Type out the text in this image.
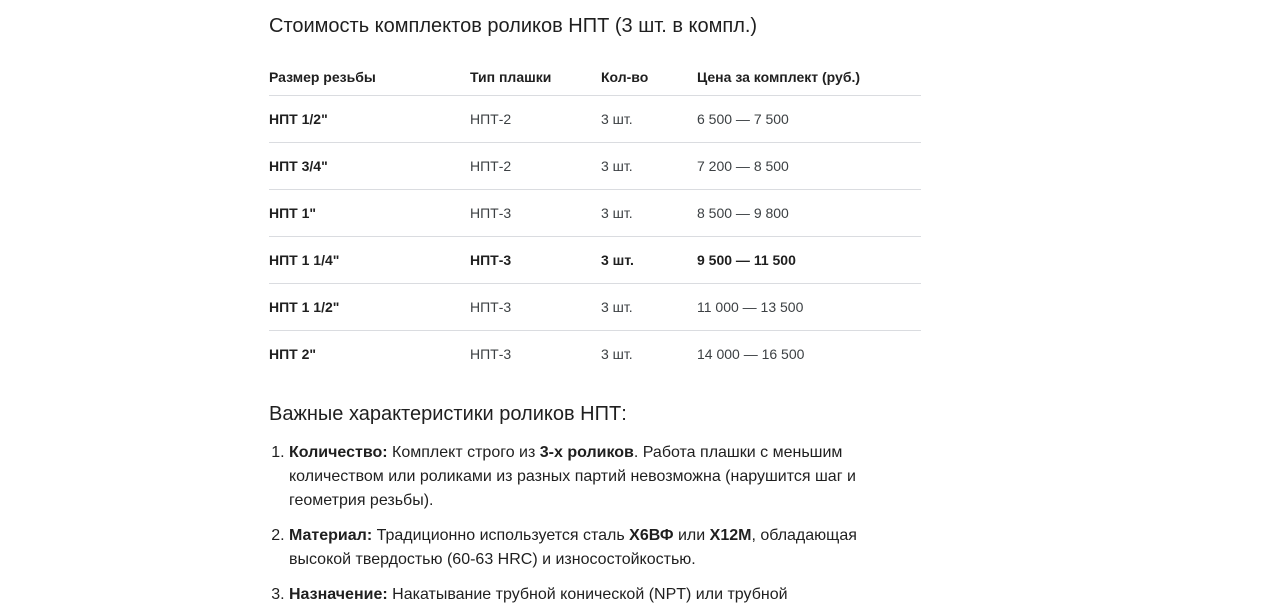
Стоимость комплектов роликов НПТ (3 шт. в компл.)
Размер резьбы	Тип плашки	Кол-во	Цена за комплект (руб.)
НПТ 1/2"	НПТ-2	3 шт.	6 500 — 7 500
НПТ 3/4"	НПТ-2	3 шт.	7 200 — 8 500
НПТ 1"	НПТ-3	3 шт.	8 500 — 9 800
НПТ 1 1/4"	НПТ-3	3 шт.	9 500 — 11 500
НПТ 1 1/2"	НПТ-3	3 шт.	11 000 — 13 500
НПТ 2"	НПТ-3	3 шт.	14 000 — 16 500
Важные характеристики роликов НПТ:
1. Количество: Комплект строго из 3-х роликов. Работа плашки с меньшим количеством или роликами из разных партий невозможна (нарушится шаг и геометрия резьбы).
2. Материал: Традиционно используется сталь Х6ВФ или Х12М, обладающая высокой твердостью (60-63 HRC) и износостойкостью.
3. Назначение: Накатывание трубной конической (NPT) или трубной
